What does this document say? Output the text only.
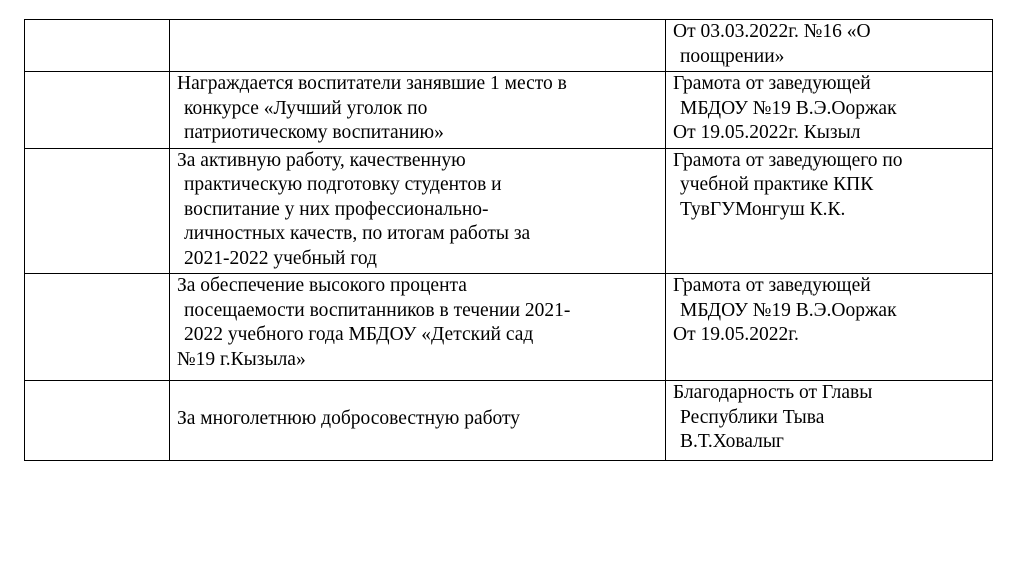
		От 03.03.2022г. №16 «О
поощрении»

	Награждается воспитатели занявшие 1 место в
конкурсе «Лучший уголок по
патриотическому воспитанию»	Грамота от заведующей
МБДОУ №19 В.Э.Ооржак
От 19.05.2022г. Кызыл

	За активную работу, качественную
практическую подготовку студентов и
воспитание у них профессионально-
личностных качеств, по итогам работы за
2021-2022 учебный год	Грамота от заведующего по
учебной практике КПК
ТувГУМонгуш К.К.

	За обеспечение высокого процента
посещаемости воспитанников в течении 2021-
2022 учебного года МБДОУ «Детский сад
№19 г.Кызыла»	Грамота от заведующей
МБДОУ №19 В.Э.Ооржак
От 19.05.2022г.

	За многолетнюю добросовестную работу	Благодарность от Главы
Республики Тыва
В.Т.Ховалыг
